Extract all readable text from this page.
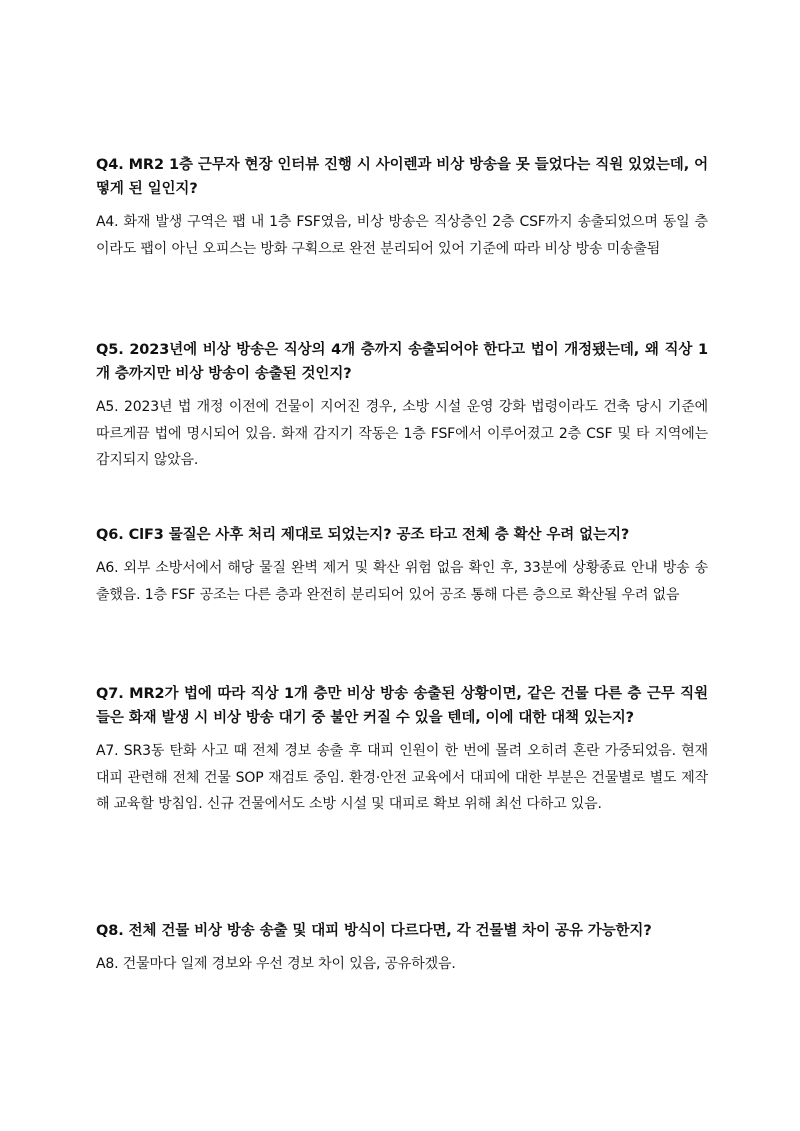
Q4. MR2 1층 근무자 현장 인터뷰 진행 시 사이렌과 비상 방송을 못 들었다는 직원 있었는데, 어떻게 된 일인지?

A4. 화재 발생 구역은 팹 내 1층 FSF였음, 비상 방송은 직상층인 2층 CSF까지 송출되었으며 동일 층이라도 팹이 아닌 오피스는 방화 구획으로 완전 분리되어 있어 기준에 따라 비상 방송 미송출됨

Q5. 2023년에 비상 방송은 직상의 4개 층까지 송출되어야 한다고 법이 개정됐는데, 왜 직상 1개 층까지만 비상 방송이 송출된 것인지?

A5. 2023년 법 개정 이전에 건물이 지어진 경우, 소방 시설 운영 강화 법령이라도 건축 당시 기준에 따르게끔 법에 명시되어 있음. 화재 감지기 작동은 1층 FSF에서 이루어졌고 2층 CSF 및 타 지역에는 감지되지 않았음.

Q6. ClF3 물질은 사후 처리 제대로 되었는지? 공조 타고 전체 층 확산 우려 없는지?

A6. 외부 소방서에서 해당 물질 완벽 제거 및 확산 위험 없음 확인 후, 33분에 상황종료 안내 방송 송출했음. 1층 FSF 공조는 다른 층과 완전히 분리되어 있어 공조 통해 다른 층으로 확산될 우려 없음

Q7. MR2가 법에 따라 직상 1개 층만 비상 방송 송출된 상황이면, 같은 건물 다른 층 근무 직원들은 화재 발생 시 비상 방송 대기 중 불안 커질 수 있을 텐데, 이에 대한 대책 있는지?

A7. SR3동 탄화 사고 때 전체 경보 송출 후 대피 인원이 한 번에 몰려 오히려 혼란 가중되었음. 현재 대피 관련해 전체 건물 SOP 재검토 중임. 환경·안전 교육에서 대피에 대한 부분은 건물별로 별도 제작해 교육할 방침임. 신규 건물에서도 소방 시설 및 대피로 확보 위해 최선 다하고 있음.

Q8. 전체 건물 비상 방송 송출 및 대피 방식이 다르다면, 각 건물별 차이 공유 가능한지?

A8. 건물마다 일제 경보와 우선 경보 차이 있음, 공유하겠음.
